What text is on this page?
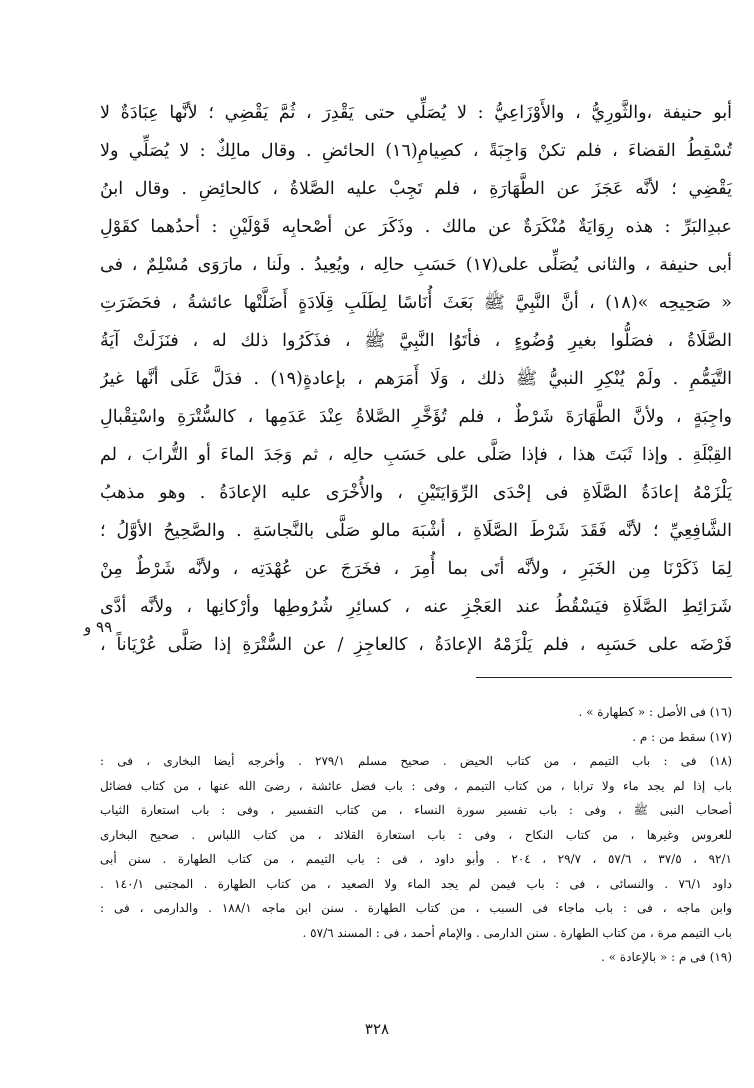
أبو حنيفة ،والثَّورِيُّ ، والأَوْزَاعِيُّ : لا يُصَلِّي حتى يَقْدِرَ ، ثُمَّ يَقْضِي ؛ لأنَّها عِبَادَةٌ لا
تُسْقِطُ القضاءَ ، فلم تكنْ وَاجِبَةً ، كصِيامِ(١٦) الحائضِ . وقال مالِكٌ : لا يُصَلِّي ولا
يَقْضِي ؛ لأنَّه عَجَزَ عن الطَّهَارَةِ ، فلم تَجِبْ عليه الصَّلاةُ ، كالحائِضِ . وقال ابنُ
عبدِالبَرِّ : هذه رِوَايَةٌ مُنْكَرَةٌ عن مالك . وذَكَرَ عن أصْحابِه قَوْلَيْنِ : أحدُهما كقَوْلِ
أبى حنيفة ، والثانى يُصَلِّى على(١٧) حَسَبِ حالِه ، ويُعِيدُ . ولَنا ، مارَوَى مُسْلِمٌ ، فى
« صَحِيحِه »(١٨) ، أنَّ النَّبِيَّ ﷺ بَعَثَ أُنَاسًا لِطَلَبِ قِلَادَةٍ أَضَلَّتْها عائشةُ ، فحَضَرَتِ
الصَّلَاةُ ، فصَلُّوا بغيرِ وُضُوءٍ ، فأتَوُا النَّبِيَّ ﷺ ، فذَكَرُوا ذلك له ، فنَزَلَتْ آيَةُ
التَّيَمُّمِ . ولَمْ يُنْكِرِ النبيُّ ﷺ ذلك ، وَلَا أَمَرَهم ، بإعادةٍ(١٩) . فدَلَّ عَلَى أنَّها غيرُ
واجِبَةٍ ، ولأنَّ الطَّهَارَةَ شَرْطٌ ، فلم تُؤَخَّرِ الصَّلاةُ عِنْدَ عَدَمِها ، كالسُّتْرَةِ واسْتِقْبالِ
القِبْلَةِ . وإذا ثَبَتَ هذا ، فإذا صَلَّى على حَسَبِ حالِه ، ثم وَجَدَ الماءَ أو التُّرابَ ، لم
يَلْزَمْهُ إعادَةُ الصَّلَاةِ فى إحْدَى الرِّوَايَتَيْنِ ، والأُخْرَى عليه الإعادَةُ . وهو مذهبُ
الشَّافِعِيِّ ؛ لأنَّه فَقَدَ شَرْطَ الصَّلَاةِ ، أشْبَهَ مالو صَلَّى بالنَّجاسَةِ . والصَّحِيحُ الأوَّلُ ؛
لِمَا ذَكَرْنَا مِن الخَبَرِ ، ولأنَّه أتَى بما أُمِرَ ، فخَرَجَ عن عُهْدَتِه ، ولأنَّه شَرْطٌ مِنْ
شَرَائِطِ الصَّلَاةِ فيَسْقُطُ عند العَجْزِ عنه ، كسائِرِ شُرُوطِها وأرْكانِها ، ولأنَّه أدَّى
فَرْضَه على حَسَبِه ، فلم يَلْزَمْهُ الإعادَةُ ، كالعاجِزِ / عن السُّتْرَةِ إذا صَلَّى عُرْيَاناً ،
٩٩ و
(١٦) فى الأصل : « كطهارة » .
(١٧) سقط من : م .
(١٨) فى : باب التيمم ، من كتاب الحيض . صحيح مسلم ٢٧٩/١ . وأخرجه أيضا البخارى ، فى :
باب إذا لم يجد ماء ولا ترابا ، من كتاب التيمم ، وفى : باب فضل عائشة ، رضىَ الله عنها ، من كتاب فضائل
أصحاب النبى ﷺ ، وفى : باب تفسير سورة النساء ، من كتاب التفسير ، وفى : باب استعارة الثياب
للعروس وغيرها ، من كتاب النكاح ، وفى : باب استعارة القلائد ، من كتاب اللباس . صحيح البخارى
٩٢/١ ، ٣٧/٥ ، ٥٧/٦ ، ٢٩/٧ ، ٢٠٤ . وأبو داود ، فى : باب التيمم ، من كتاب الطهارة . سنن أبى
داود ٧٦/١ . والنسائى ، فى : باب فيمن لم يجد الماء ولا الصعيد ، من كتاب الطهارة . المجتبى ١٤٠/١ .
وابن ماجه ، فى : باب ماجاء فى السبب ، من كتاب الطهارة . سنن ابن ماجه ١٨٨/١ . والدارمى ، فى :
باب التيمم مرة ، من كتاب الطهارة . سنن الدارمى . والإمام أحمد ، فى : المسند ٥٧/٦ .
(١٩) فى م : « بالإعادة » .
٣٢٨
